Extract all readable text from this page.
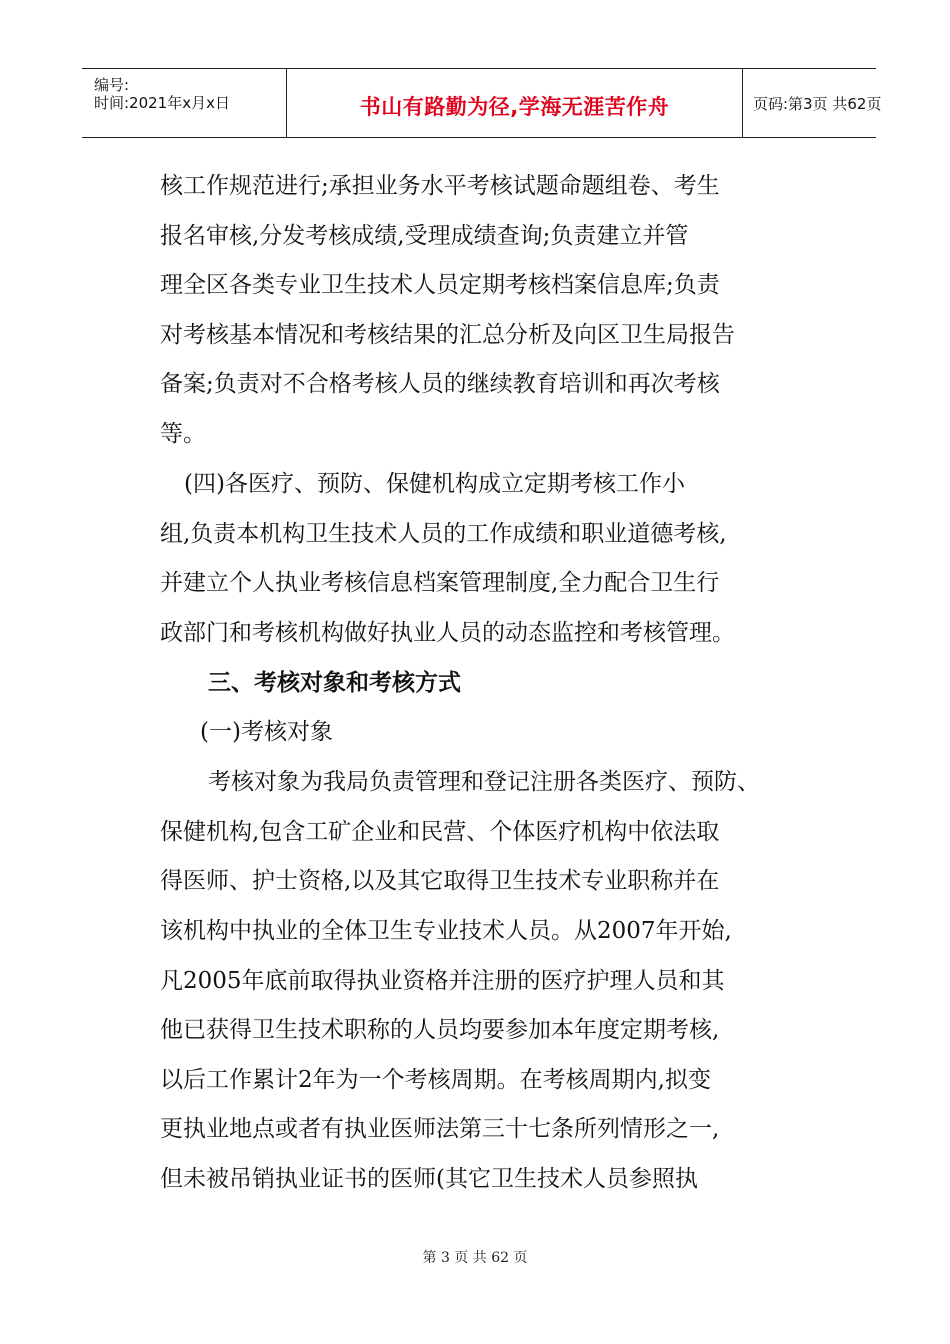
编号:
时间:2021年x月x日	书山有路勤为径,学海无涯苦作舟	页码:第3页 共62页
核工作规范进行;承担业务水平考核试题命题组卷、考生
报名审核,分发考核成绩,受理成绩查询;负责建立并管
理全区各类专业卫生技术人员定期考核档案信息库;负责
对考核基本情况和考核结果的汇总分析及向区卫生局报告
备案;负责对不合格考核人员的继续教育培训和再次考核
等。
(四)各医疗、预防、保健机构成立定期考核工作小
组,负责本机构卫生技术人员的工作成绩和职业道德考核,
并建立个人执业考核信息档案管理制度,全力配合卫生行
政部门和考核机构做好执业人员的动态监控和考核管理。
三、考核对象和考核方式
(一)考核对象
考核对象为我局负责管理和登记注册各类医疗、预防、
保健机构,包含工矿企业和民营、个体医疗机构中依法取
得医师、护士资格,以及其它取得卫生技术专业职称并在
该机构中执业的全体卫生专业技术人员。从2007年开始,
凡2005年底前取得执业资格并注册的医疗护理人员和其
他已获得卫生技术职称的人员均要参加本年度定期考核,
以后工作累计2年为一个考核周期。在考核周期内,拟变
更执业地点或者有执业医师法第三十七条所列情形之一,
但未被吊销执业证书的医师(其它卫生技术人员参照执
第 3 页 共 62 页
